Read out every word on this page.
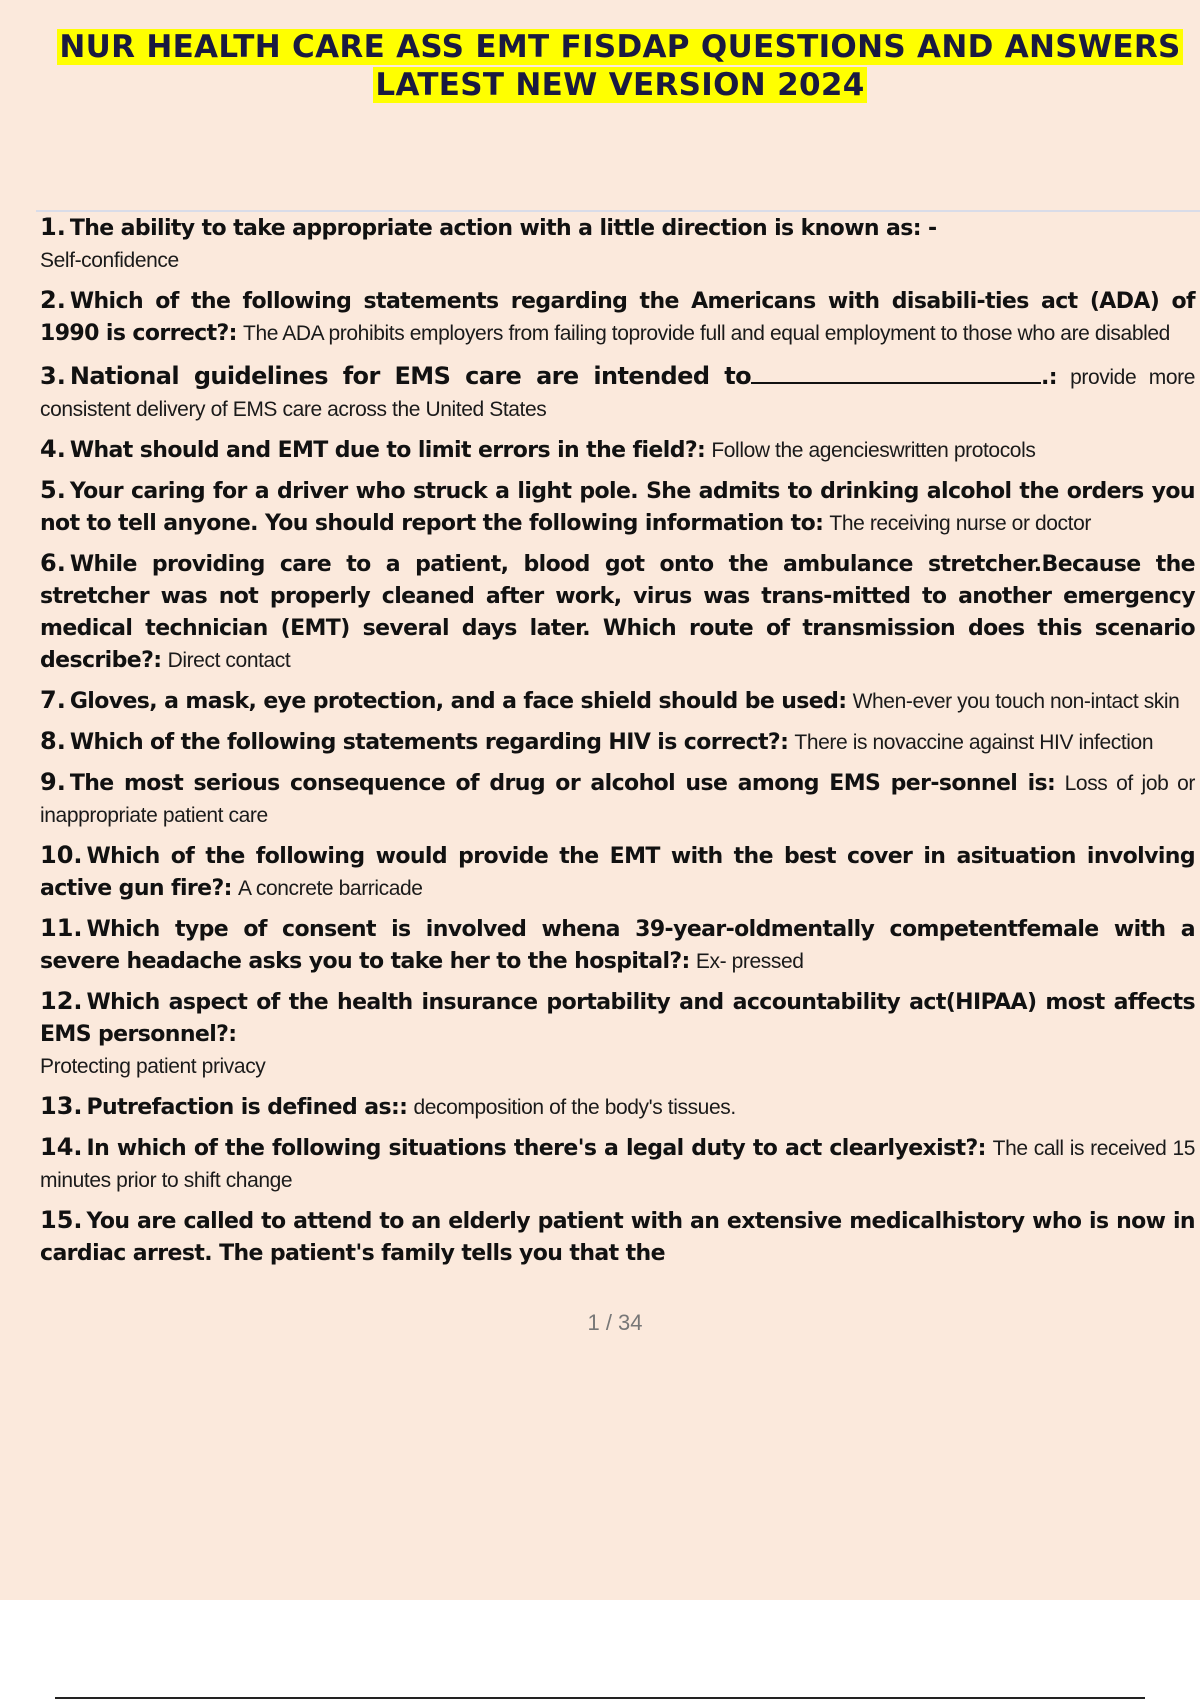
NUR HEALTH CARE ASS EMT FISDAP QUESTIONS AND ANSWERS
LATEST NEW VERSION 2024
1. The ability to take appropriate action with a little direction is known as: -
Self-confidence
2. Which of the following statements regarding the Americans with disabili-ties act (ADA) of 1990 is correct?: The ADA prohibits employers from failing toprovide full and equal employment to those who are disabled
3. National guidelines for EMS care are intended to	.: provide more consistent delivery of EMS care across the United States
4. What should and EMT due to limit errors in the field?: Follow the agencieswritten protocols
5. Your caring for a driver who struck a light pole. She admits to drinking alcohol the orders you not to tell anyone. You should report the following information to: The receiving nurse or doctor
6. While providing care to a patient, blood got onto the ambulance stretcher.Because the stretcher was not properly cleaned after work, virus was trans-mitted to another emergency medical technician (EMT) several days later. Which route of transmission does this scenario describe?: Direct contact
7. Gloves, a mask, eye protection, and a face shield should be used: When-ever you touch non-intact skin
8. Which of the following statements regarding HIV is correct?: There is novaccine against HIV infection
9. The most serious consequence of drug or alcohol use among EMS per-sonnel is: Loss of job or inappropriate patient care
10. Which of the following would provide the EMT with the best cover in asituation involving active gun fire?: A concrete barricade
11. Which type of consent is involved whena 39-year-oldmentally competentfemale with a severe headache asks you to take her to the hospital?: Ex- pressed
12. Which aspect of the health insurance portability and accountability act(HIPAA) most affects EMS personnel?:
Protecting patient privacy
13. Putrefaction is defined as:: decomposition of the body's tissues.
14. In which of the following situations there's a legal duty to act clearlyexist?: The call is received 15 minutes prior to shift change
15. You are called to attend to an elderly patient with an extensive medicalhistory who is now in cardiac arrest. The patient's family tells you that the
1 / 34
